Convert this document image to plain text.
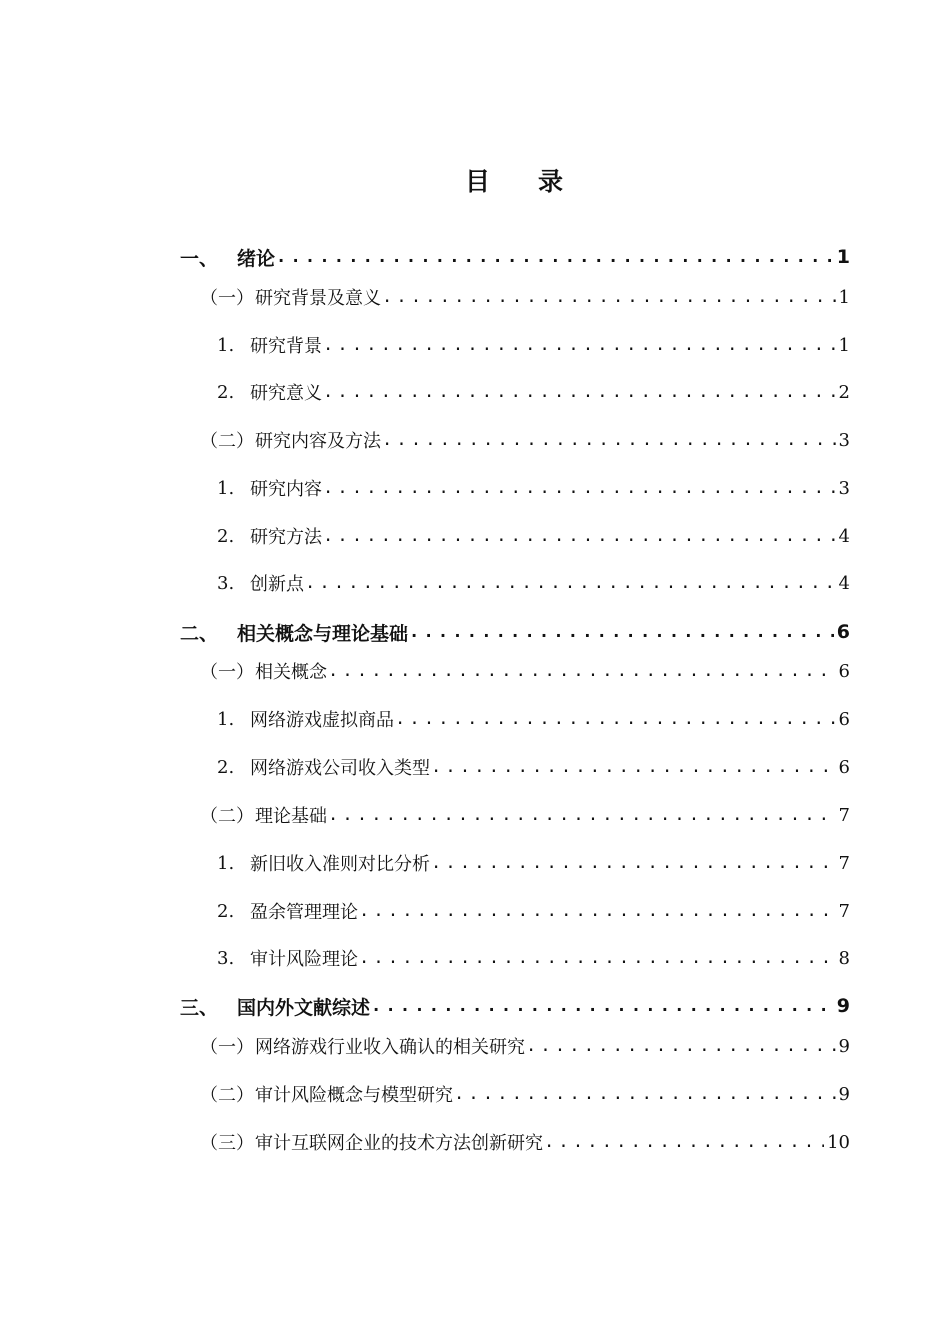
目 录
一、 绪论 .....	1
（一） 研究背景及意义 .....	1
1. 研究背景 .....	1
2. 研究意义 .....	2
（二） 研究内容及方法 .....	3
1. 研究内容 .....	3
2. 研究方法 .....	4
3. 创新点 .....	4
二、 相关概念与理论基础 .....	6
（一） 相关概念 .....	6
1. 网络游戏虚拟商品 .....	6
2. 网络游戏公司收入类型 .....	6
（二） 理论基础 .....	7
1. 新旧收入准则对比分析 .....	7
2. 盈余管理理论 .....	7
3. 审计风险理论 .....	8
三、 国内外文献综述 .....	9
（一） 网络游戏行业收入确认的相关研究 .....	9
（二） 审计风险概念与模型研究 .....	9
（三） 审计互联网企业的技术方法创新研究 .....	10
